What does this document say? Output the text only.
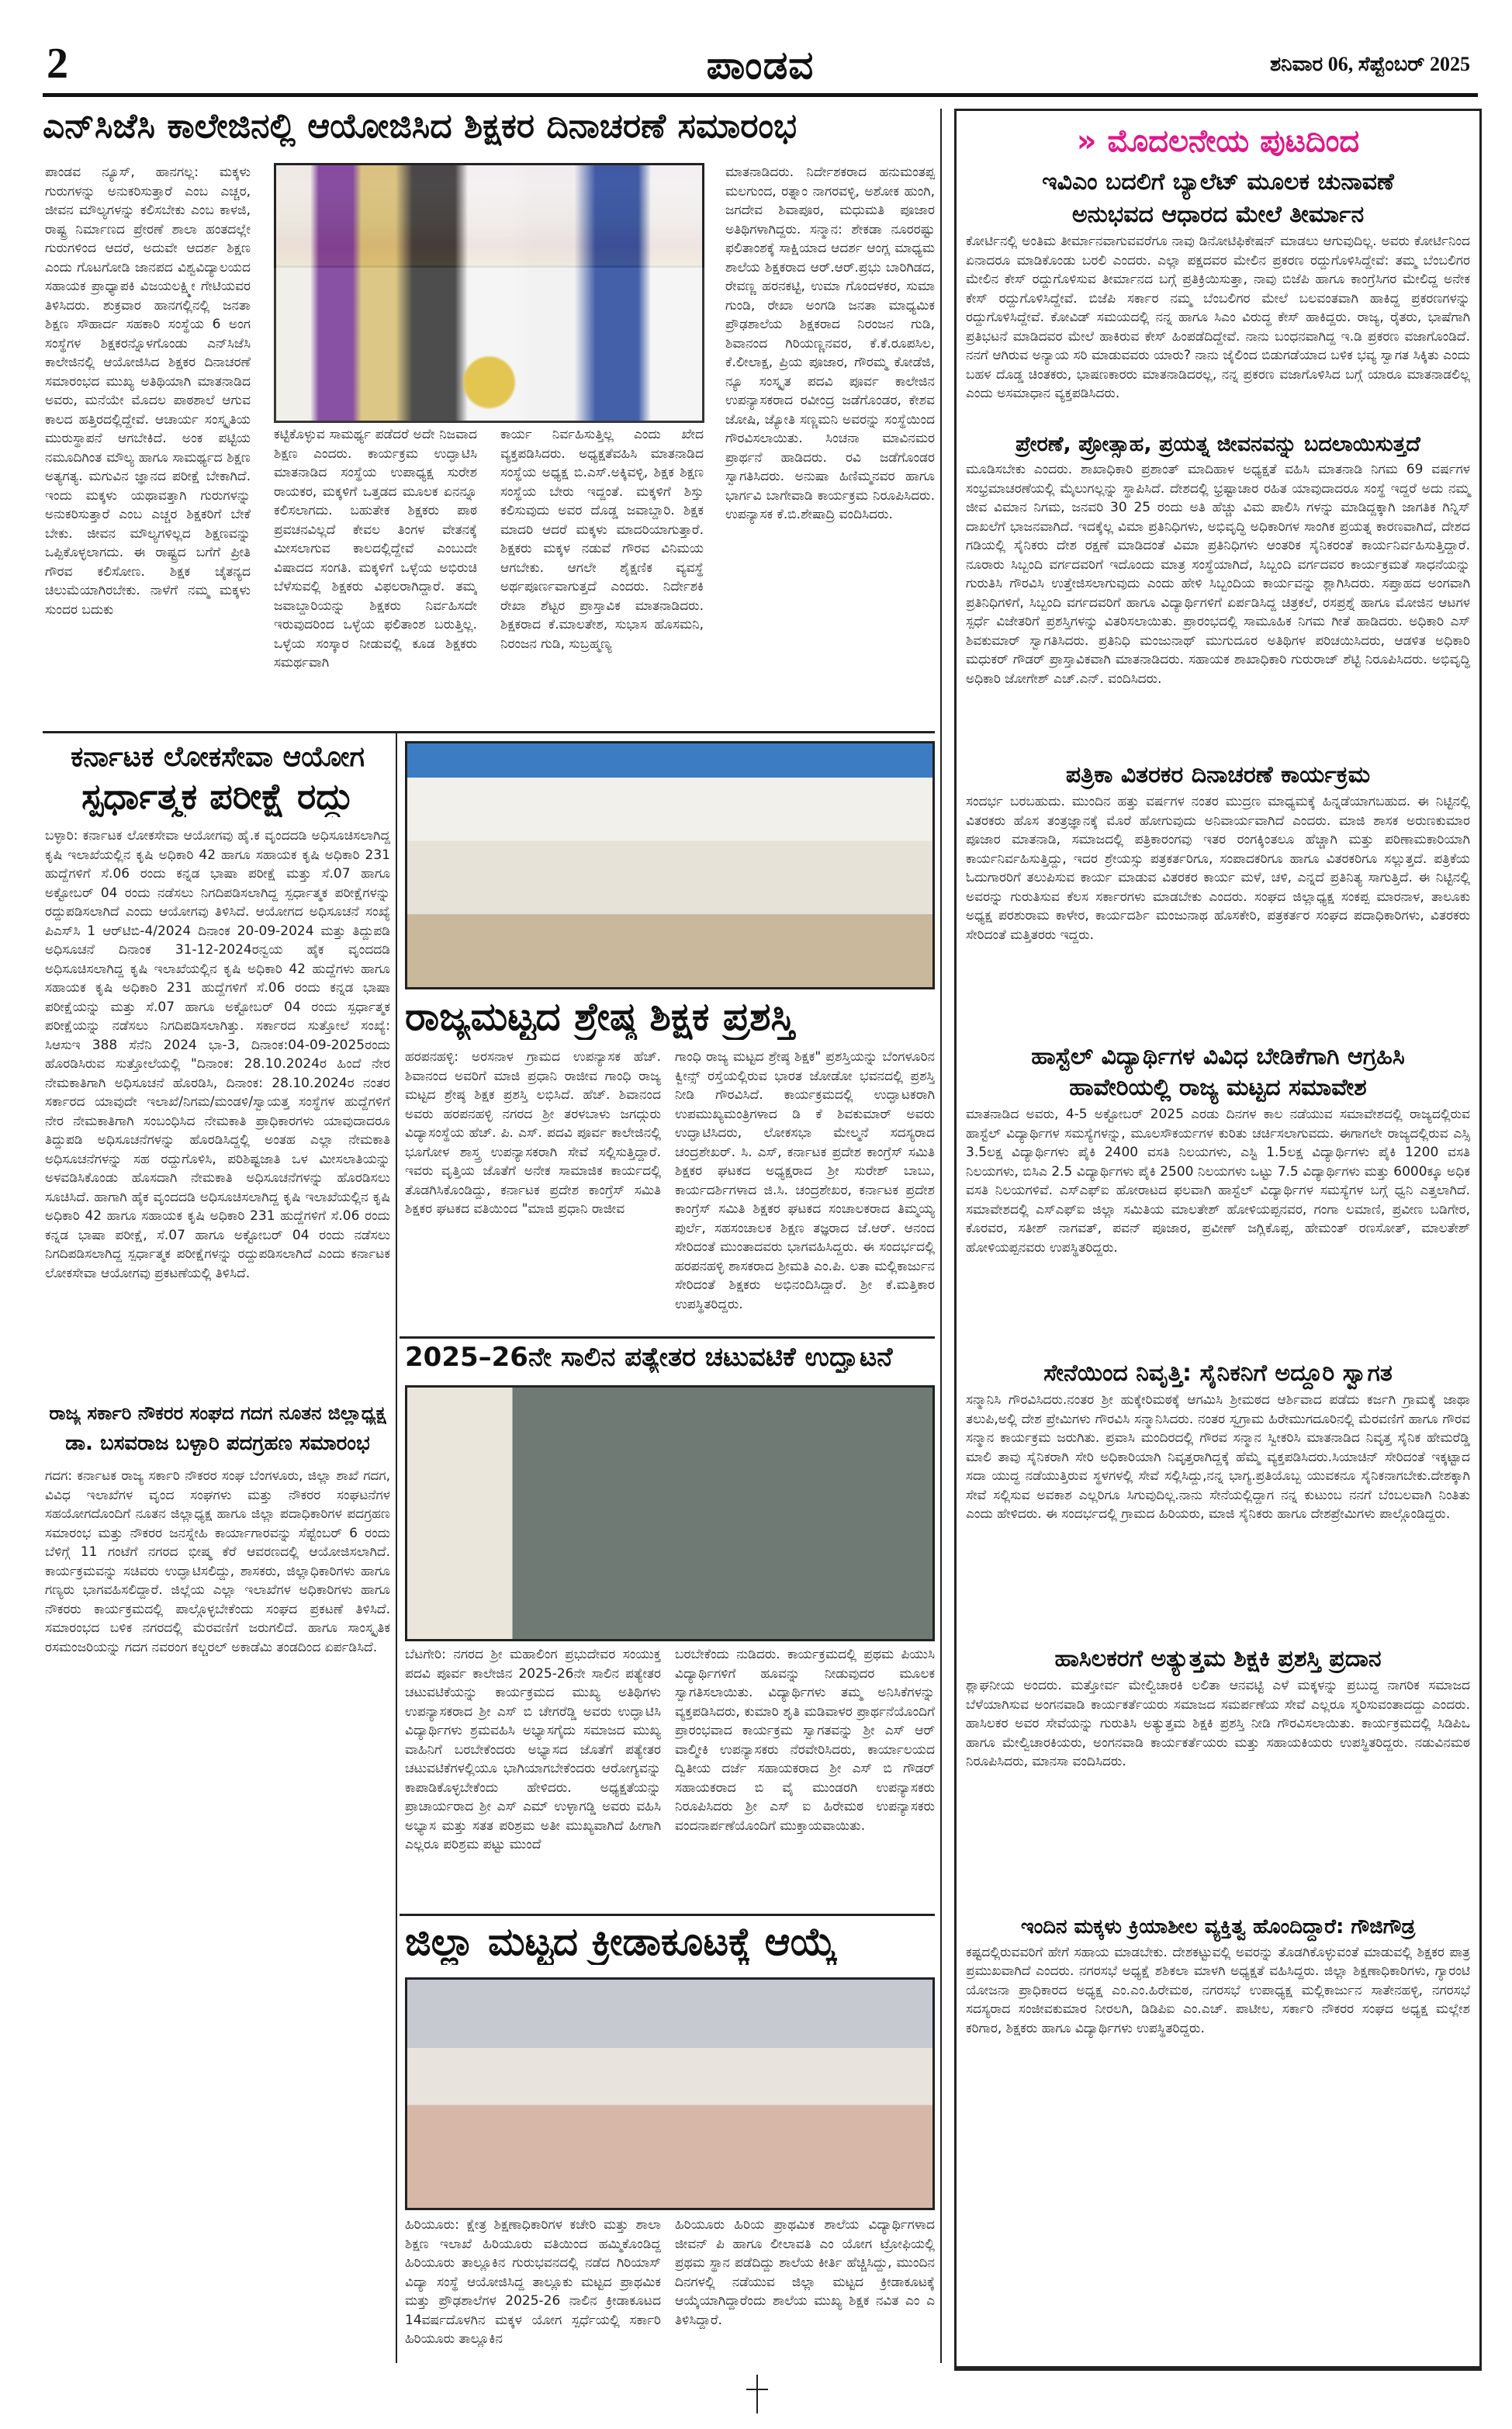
2	ಪಾಂಡವ	ಶನಿವಾರ 06, ಸೆಪ್ಟೆಂಬರ್ 2025
ಎನ್‌ಸಿಜೆಸಿ ಕಾಲೇಜಿನಲ್ಲಿ ಆಯೋಜಿಸಿದ ಶಿಕ್ಷಕರ ದಿನಾಚರಣೆ ಸಮಾರಂಭ
ಪಾಂಡವ ನ್ಯೂಸ್, ಹಾನಗಲ್ಲ: ಮಕ್ಕಳು ಗುರುಗಳನ್ನು ಅನುಕರಿಸುತ್ತಾರೆ ಎಂಬ ಎಚ್ಚರ, ಜೀವನ ಮೌಲ್ಯಗಳನ್ನು ಕಲಿಸಬೇಕು ಎಂಬ ಕಾಳಜಿ, ರಾಷ್ಟ್ರ ನಿರ್ಮಾಣದ ಪ್ರೇರಣೆ ಶಾಲಾ ಹಂತದಲ್ಲೇ ಗುರುಗಳಿಂದ ಆದರೆ, ಅದುವೇ ಆದರ್ಶ ಶಿಕ್ಷಣ ಎಂದು ಗೊಟಗೋಡಿ ಜಾನಪದ ವಿಶ್ವವಿದ್ಯಾಲಯದ ಸಹಾಯಕ ಪ್ರಾಧ್ಯಾಪಕಿ ವಿಜಯಲಕ್ಷ್ಮೀ ಗೇಟಿಯವರ ತಿಳಿಸಿದರು. ಶುಕ್ರವಾರ ಹಾನಗಲ್ಲಿನಲ್ಲಿ ಜನತಾ ಶಿಕ್ಷಣ ಸೌಹಾರ್ದ ಸಹಕಾರಿ ಸಂಸ್ಥೆಯ 6 ಅಂಗ ಸಂಸ್ಥೆಗಳ ಶಿಕ್ಷಕರನ್ನೊಳಗೊಂಡು ಎನ್‌ಸಿಜೆಸಿ ಕಾಲೇಜಿನಲ್ಲಿ ಆಯೋಜಿಸಿದ ಶಿಕ್ಷಕರ ದಿನಾಚರಣೆ ಸಮಾರಂಭದ ಮುಖ್ಯ ಅತಿಥಿಯಾಗಿ ಮಾತನಾಡಿದ ಅವರು, ಮನೆಯೇ ಮೊದಲ ಪಾಠಶಾಲೆ ಆಗುವ ಕಾಲದ ಹತ್ತಿರದಲ್ಲಿದ್ದೇವೆ. ಆಚಾರ್ಯ ಸಂಸ್ಕೃತಿಯ ಮುರುಸ್ಥಾಪನೆ ಆಗಬೇಕಿದೆ. ಅಂಕ ಪಟ್ಟಿಯ ನಮೂದಿಗಿಂತ ಮೌಲ್ಯ ಹಾಗೂ ಸಾಮರ್ಥ್ಯದ ಶಿಕ್ಷಣ ಅತ್ಯಗತ್ಯ. ಮಗುವಿನ ಜ್ಞಾನದ ಪರೀಕ್ಷೆ ಬೇಕಾಗಿದೆ. ಇಂದು ಮಕ್ಕಳು ಯಥಾವತ್ತಾಗಿ ಗುರುಗಳನ್ನು ಅನುಕರಿಸುತ್ತಾರೆ ಎಂಬ ಎಚ್ಚರ ಶಿಕ್ಷಕರಿಗೆ ಬೇಕೆ ಬೇಕು. ಜೀವನ ಮೌಲ್ಯಗಳಿಲ್ಲದ ಶಿಕ್ಷಣವನ್ನು ಒಪ್ಪಿಕೊಳ್ಳಲಾಗದು. ಈ ರಾಷ್ಟ್ರದ ಬಗೆಗೆ ಪ್ರೀತಿ ಗೌರವ ಕಲಿಸೋಣ. ಶಿಕ್ಷಕ ಚೈತನ್ಯದ ಚಿಲುಮೆಯಾಗಿರಬೇಕು. ನಾಳೆಗೆ ನಮ್ಮ ಮಕ್ಕಳು ಸುಂದರ ಬದುಕು
ಕಟ್ಟಿಕೊಳ್ಳುವ ಸಾಮರ್ಥ್ಯ ಪಡೆದರೆ ಅದೇ ನಿಜವಾದ ಶಿಕ್ಷಣ ಎಂದರು. ಕಾರ್ಯಕ್ರಮ ಉದ್ಘಾಟಿಸಿ ಮಾತನಾಡಿದ ಸಂಸ್ಥೆಯ ಉಪಾಧ್ಯಕ್ಷ ಸುರೇಶ ರಾಯಕರ, ಮಕ್ಕಳಿಗೆ ಒತ್ತಡದ ಮೂಲಕ ಏನನ್ನೂ ಕಲಿಸಲಾಗದು. ಬಹುತೇಕ ಶಿಕ್ಷಕರು ಪಾಠ ಪ್ರವಚನವಿಲ್ಲದೆ ಕೇವಲ ತಿಂಗಳ ವೇತನಕ್ಕೆ ಮೀಸಲಾಗುವ ಕಾಲದಲ್ಲಿದ್ದೇವೆ ಎಂಬುದೇ ವಿಷಾದದ ಸಂಗತಿ. ಮಕ್ಕಳಿಗೆ ಒಳ್ಳೆಯ ಅಭಿರುಚಿ ಬೆಳೆಸುವಲ್ಲಿ ಶಿಕ್ಷಕರು ವಿಫಲರಾಗಿದ್ದಾರೆ. ತಮ್ಮ ಜವಾಬ್ದಾರಿಯನ್ನು ಶಿಕ್ಷಕರು ನಿರ್ವಹಿಸದೇ ಇರುವುದರಿಂದ ಒಳ್ಳೆಯ ಫಲಿತಾಂಶ ಬರುತ್ತಿಲ್ಲ. ಒಳ್ಳೆಯ ಸಂಸ್ಕಾರ ನೀಡುವಲ್ಲಿ ಕೂಡ ಶಿಕ್ಷಕರು ಸಮರ್ಥವಾಗಿ
ಕಾರ್ಯ ನಿರ್ವಹಿಸುತ್ತಿಲ್ಲ ಎಂದು ಖೇದ ವ್ಯಕ್ತಪಡಿಸಿದರು. ಅಧ್ಯಕ್ಷತೆವಹಿಸಿ ಮಾತನಾಡಿದ ಸಂಸ್ಥೆಯ ಅಧ್ಯಕ್ಷ ಬಿ.ಎಸ್.ಅಕ್ಕಿವಳ್ಳಿ, ಶಿಕ್ಷಕ ಶಿಕ್ಷಣ ಸಂಸ್ಥೆಯ ಬೇರು ಇದ್ದಂತೆ. ಮಕ್ಕಳಿಗೆ ಶಿಸ್ತು ಕಲಿಸುವುದು ಅವರ ದೊಡ್ಡ ಜವಾಬ್ದಾರಿ. ಶಿಕ್ಷಕ ಮಾದರಿ ಆದರೆ ಮಕ್ಕಳು ಮಾದರಿಯಾಗುತ್ತಾರೆ. ಶಿಕ್ಷಕರು ಮಕ್ಕಳ ನಡುವೆ ಗೌರವ ವಿನಿಮಯ ಆಗಬೇಕು. ಆಗಲೇ ಶೈಕ್ಷಣಿಕ ವ್ಯವಸ್ಥೆ ಅರ್ಥಪೂರ್ಣವಾಗುತ್ತದೆ ಎಂದರು. ನಿರ್ದೇಶಕಿ ರೇಖಾ ಶೆಟ್ಟರ ಪ್ರಾಸ್ತಾವಿಕ ಮಾತನಾಡಿದರು. ಶಿಕ್ಷಕರಾದ ಕೆ.ಮಾಲತೇಶ, ಸುಭಾಸ ಹೊಸಮನಿ, ನಿರಂಜನ ಗುಡಿ, ಸುಬ್ರಹ್ಮಣ್ಯ
ಮಾತನಾಡಿದರು. ನಿರ್ದೇಶಕರಾದ ಹನುಮಂತಪ್ಪ ಮಲಗುಂದ, ರತ್ನಾಂ ನಾಗರವಳ್ಳಿ, ಅಶೋಕ ಹುಂಗಿ, ಜಗದೇವ ಶಿವಾಪೂರ, ಮಧುಮತಿ ಪೂಜಾರ ಅತಿಥಿಗಳಾಗಿದ್ದರು. ಸನ್ಮಾನ: ಶೇಕಡಾ ನೂರರಷ್ಟು ಫಲಿತಾಂಶಕ್ಕೆ ಸಾಕ್ಷಿಯಾದ ಆದರ್ಶ ಆಂಗ್ಲ ಮಾಧ್ಯಮ ಶಾಲೆಯ ಶಿಕ್ಷಕರಾದ ಆರ್.ಆರ್.ಪ್ರಭು ಬಾರಿಗಿಡದ, ರೇವಣ್ಣ ಹರನಕಟ್ಟಿ, ಉಮಾ ಗೊಂದಳಕರ, ಸುಮಾ ಗುಂಡಿ, ರೇಖಾ ಅಂಗಡಿ ಜನತಾ ಮಾಧ್ಯಮಿಕ ಪ್ರೌಢಶಾಲೆಯ ಶಿಕ್ಷಕರಾದ ನಿರಂಜನ ಗುಡಿ, ಶಿವಾನಂದ ಗಿರಿಯಣ್ಣನವರ, ಕೆ.ಕೆ.ರೂಪಸಿಲ, ಕೆ.ಲೀಲಾಕ್ಷ, ಪ್ರಿಯ ಪೂಜಾರ, ಗೌರಮ್ಮ ಕೋಡೆಜಿ, ನ್ಯೂ ಸಂಸ್ಕೃತ ಪದವಿ ಪೂರ್ವ ಕಾಲೇಜಿನ ಉಪನ್ಯಾಸಕರಾದ ರವೀಂದ್ರ ಜಡೆಗೊಂಡರ, ಕೇಶವ ಜೋಷಿ, ಜ್ಯೋತಿ ಸಣ್ಣಮನಿ ಅವರನ್ನು ಸಂಸ್ಥೆಯಿಂದ ಗೌರವಿಸಲಾಯಿತು. ಸಿಂಚನಾ ಮಾವಿನಮರ ಪ್ರಾರ್ಥನೆ ಹಾಡಿದರು. ರವಿ ಜಡೆಗೊಂಡರ ಸ್ವಾಗತಿಸಿದರು. ಅನುಷಾ ಹಿಣಿಮ್ಮನವರ ಹಾಗೂ ಭಾರ್ಗವಿ ಬಾಗೇವಾಡಿ ಕಾರ್ಯಕ್ರಮ ನಿರೂಪಿಸಿದರು. ಉಪನ್ಯಾಸಕ ಕೆ.ಬಿ.ಶೇಷಾದ್ರಿ ವಂದಿಸಿದರು.
ಕರ್ನಾಟಕ ಲೋಕಸೇವಾ ಆಯೋಗ
ಸ್ಪರ್ಧಾತ್ಮಕ ಪರೀಕ್ಷೆ ರದ್ದು
ಬಳ್ಳಾರಿ: ಕರ್ನಾಟಕ ಲೋಕಸೇವಾ ಆಯೋಗವು ಹೈ.ಕ ವೃಂದದಡಿ ಅಧಿಸೂಚಿಸಲಾಗಿದ್ದ ಕೃಷಿ ಇಲಾಖೆಯಲ್ಲಿನ ಕೃಷಿ ಅಧಿಕಾರಿ 42 ಹಾಗೂ ಸಹಾಯಕ ಕೃಷಿ ಅಧಿಕಾರಿ 231 ಹುದ್ದೆಗಳಿಗೆ ಸೆ.06 ರಂದು ಕನ್ನಡ ಭಾಷಾ ಪರೀಕ್ಷೆ ಮತ್ತು ಸೆ.07 ಹಾಗೂ ಅಕ್ಟೋಬರ್ 04 ರಂದು ನಡೆಸಲು ನಿಗದಿಪಡಿಸಲಾಗಿದ್ದ ಸ್ಪರ್ಧಾತ್ಮಕ ಪರೀಕ್ಷೆಗಳನ್ನು ರದ್ದುಪಡಿಸಲಾಗಿದೆ ಎಂದು ಆಯೋಗವು ತಿಳಿಸಿದೆ. ಆಯೋಗದ ಅಧಿಸೂಚನೆ ಸಂಖ್ಯೆ ಪಿಎಸ್‌ಸಿ 1 ಆರ್‌ಟಿಬಿ-4/2024 ದಿನಾಂಕ 20-09-2024 ಮತ್ತು ತಿದ್ದುಪಡಿ ಅಧಿಸೂಚನೆ ದಿನಾಂಕ 31-12-2024ರನ್ವಯ ಹೈಕ ವೃಂದದಡಿ ಅಧಿಸೂಚಿಸಲಾಗಿದ್ದ ಕೃಷಿ ಇಲಾಖೆಯಲ್ಲಿನ ಕೃಷಿ ಅಧಿಕಾರಿ 42 ಹುದ್ದೆಗಳು ಹಾಗೂ ಸಹಾಯಕ ಕೃಷಿ ಅಧಿಕಾರಿ 231 ಹುದ್ದೆಗಳಿಗೆ ಸೆ.06 ರಂದು ಕನ್ನಡ ಭಾಷಾ ಪರೀಕ್ಷೆಯನ್ನು ಮತ್ತು ಸೆ.07 ಹಾಗೂ ಅಕ್ಟೋಬರ್ 04 ರಂದು ಸ್ಪರ್ಧಾತ್ಮಕ ಪರೀಕ್ಷೆಯನ್ನು ನಡೆಸಲು ನಿಗದಿಪಡಿಸಲಾಗಿತ್ತು. ಸರ್ಕಾರದ ಸುತ್ತೋಲೆ ಸಂಖ್ಯೆ: ಸಿಆಸುಇ 388 ಸೆನೆನಿ 2024 ಭಾ-3, ದಿನಾಂಕ:04-09-2025ರಂದು ಹೊರಡಿಸಿರುವ ಸುತ್ತೋಲೆಯಲ್ಲಿ "ದಿನಾಂಕ: 28.10.2024ರ ಹಿಂದೆ ನೇರ ನೇಮಕಾತಿಗಾಗಿ ಅಧಿಸೂಚನೆ ಹೊರಡಿಸಿ, ದಿನಾಂಕ: 28.10.2024ರ ನಂತರ ಸರ್ಕಾರದ ಯಾವುದೇ ಇಲಾಖೆ/ನಿಗಮ/ಮಂಡಳಿ/ಸ್ವಾಯತ್ತ ಸಂಸ್ಥೆಗಳ ಹುದ್ದೆಗಳಿಗೆ ನೇರ ನೇಮಕಾತಿಗಾಗಿ ಸಂಬಂಧಿಸಿದ ನೇಮಕಾತಿ ಪ್ರಾಧಿಕಾರಗಳು ಯಾವುದಾದರೂ ತಿದ್ದುಪಡಿ ಅಧಿಸೂಚನೆಗಳನ್ನು ಹೊರಡಿಸಿದ್ದಲ್ಲಿ ಅಂತಹ ಎಲ್ಲಾ ನೇಮಕಾತಿ ಅಧಿಸೂಚನೆಗಳನ್ನು ಸಹ ರದ್ದುಗೊಳಿಸಿ, ಪರಿಶಿಷ್ಟಜಾತಿ ಒಳ ಮೀಸಲಾತಿಯನ್ನು ಅಳವಡಿಸಿಕೊಂಡು ಹೊಸದಾಗಿ ನೇಮಕಾತಿ ಅಧಿಸೂಚನೆಗಳನ್ನು ಹೊರಡಿಸಲು ಸೂಚಿಸಿದೆ. ಹಾಗಾಗಿ ಹೈಕ ವೃಂದದಡಿ ಅಧಿಸೂಚಿಸಲಾಗಿದ್ದ ಕೃಷಿ ಇಲಾಖೆಯಲ್ಲಿನ ಕೃಷಿ ಅಧಿಕಾರಿ 42 ಹಾಗೂ ಸಹಾಯಕ ಕೃಷಿ ಅಧಿಕಾರಿ 231 ಹುದ್ದೆಗಳಿಗೆ ಸೆ.06 ರಂದು ಕನ್ನಡ ಭಾಷಾ ಪರೀಕ್ಷೆ, ಸೆ.07 ಹಾಗೂ ಅಕ್ಟೋಬರ್ 04 ರಂದು ನಡೆಸಲು ನಿಗದಿಪಡಿಸಲಾಗಿದ್ದ ಸ್ಪರ್ಧಾತ್ಮಕ ಪರೀಕ್ಷೆಗಳನ್ನು ರದ್ದುಪಡಿಸಲಾಗಿದೆ ಎಂದು ಕರ್ನಾಟಕ ಲೋಕಸೇವಾ ಆಯೋಗವು ಪ್ರಕಟಣೆಯಲ್ಲಿ ತಿಳಿಸಿದೆ.
ರಾಜ್ಯ ಸರ್ಕಾರಿ ನೌಕರರ ಸಂಘದ ಗದಗ ನೂತನ ಜಿಲ್ಲಾಧ್ಯಕ್ಷ
ಡಾ. ಬಸವರಾಜ ಬಳ್ಳಾರಿ ಪದಗ್ರಹಣ ಸಮಾರಂಭ
ಗದಗ: ಕರ್ನಾಟಕ ರಾಜ್ಯ ಸರ್ಕಾರಿ ನೌಕರರ ಸಂಘ ಬೆಂಗಳೂರು, ಜಿಲ್ಲಾ ಶಾಖೆ ಗದಗ, ವಿವಿಧ ಇಲಾಖೆಗಳ ವೃಂದ ಸಂಘಗಳು ಮತ್ತು ನೌಕರರ ಸಂಘಟನೆಗಳ ಸಹಯೋಗದೊಂದಿಗೆ ನೂತನ ಜಿಲ್ಲಾಧ್ಯಕ್ಷ ಹಾಗೂ ಜಿಲ್ಲಾ ಪದಾಧಿಕಾರಿಗಳ ಪದಗ್ರಹಣ ಸಮಾರಂಭ ಮತ್ತು ನೌಕರರ ಜನಸ್ನೇಹಿ ಕಾರ್ಯಾಗಾರವನ್ನು ಸೆಪ್ಟೆಂಬರ್ 6 ರಂದು ಬೆಳಿಗ್ಗೆ 11 ಗಂಟೆಗೆ ನಗರದ ಭೀಷ್ಮ ಕೆರೆ ಆವರಣದಲ್ಲಿ ಆಯೋಜಿಸಲಾಗಿದೆ. ಕಾರ್ಯಕ್ರಮವನ್ನು ಸಚಿವರು ಉದ್ಘಾಟಿಸಲಿದ್ದು, ಶಾಸಕರು, ಜಿಲ್ಲಾಧಿಕಾರಿಗಳು ಹಾಗೂ ಗಣ್ಯರು ಭಾಗವಹಿಸಲಿದ್ದಾರೆ. ಜಿಲ್ಲೆಯ ಎಲ್ಲಾ ಇಲಾಖೆಗಳ ಅಧಿಕಾರಿಗಳು ಹಾಗೂ ನೌಕರರು ಕಾರ್ಯಕ್ರಮದಲ್ಲಿ ಪಾಲ್ಗೊಳ್ಳಬೇಕೆಂದು ಸಂಘದ ಪ್ರಕಟಣೆ ತಿಳಿಸಿದೆ. ಸಮಾರಂಭದ ಬಳಿಕ ನಗರದಲ್ಲಿ ಮೆರವಣಿಗೆ ಜರುಗಲಿದೆ. ಹಾಗೂ ಸಾಂಸ್ಕೃತಿಕ ರಸಮಂಜರಿಯನ್ನು ಗದಗ ನವರಂಗ ಕಲ್ಚರಲ್ ಅಕಾಡೆಮಿ ತಂಡದಿಂದ ಏರ್ಪಡಿಸಿದೆ.
ರಾಜ್ಯಮಟ್ಟದ ಶ್ರೇಷ್ಠ ಶಿಕ್ಷಕ ಪ್ರಶಸ್ತಿ
ಹರಪನಹಳ್ಳಿ: ಅರಸನಾಳ ಗ್ರಾಮದ ಉಪನ್ಯಾಸಕ ಹೆಚ್. ಶಿವಾನಂದ ಅವರಿಗೆ ಮಾಜಿ ಪ್ರಧಾನಿ ರಾಜೀವ ಗಾಂಧಿ ರಾಜ್ಯ ಮಟ್ಟದ ಶ್ರೇಷ್ಠ ಶಿಕ್ಷಕ ಪ್ರಶಸ್ತಿ ಲಭಿಸಿದೆ. ಹೆಚ್. ಶಿವಾನಂದ ಅವರು ಹರಪನಹಳ್ಳಿ ನಗರದ ಶ್ರೀ ತರಳಬಾಳು ಜಗದ್ಗುರು ವಿದ್ಯಾಸಂಸ್ಥೆಯ ಹೆಚ್. ಪಿ. ಎಸ್. ಪದವಿ ಪೂರ್ವ ಕಾಲೇಜಿನಲ್ಲಿ ಭೂಗೋಳ ಶಾಸ್ತ್ರ ಉಪನ್ಯಾಸಕರಾಗಿ ಸೇವೆ ಸಲ್ಲಿಸುತ್ತಿದ್ದಾರೆ. ಇವರು ವೃತ್ತಿಯ ಜೊತೆಗೆ ಅನೇಕ ಸಾಮಾಜಿಕ ಕಾರ್ಯದಲ್ಲಿ ತೊಡಗಿಸಿಕೊಂಡಿದ್ದು, ಕರ್ನಾಟಕ ಪ್ರದೇಶ ಕಾಂಗ್ರೆಸ್ ಸಮಿತಿ ಶಿಕ್ಷಕರ ಘಟಕದ ವತಿಯಿಂದ "ಮಾಜಿ ಪ್ರಧಾನಿ ರಾಜೀವ
ಗಾಂಧಿ ರಾಜ್ಯ ಮಟ್ಟದ ಶ್ರೇಷ್ಠ ಶಿಕ್ಷಕ" ಪ್ರಶಸ್ತಿಯನ್ನು ಬೆಂಗಳೂರಿನ ಕ್ವೀನ್ಸ್ ರಸ್ತೆಯಲ್ಲಿರುವ ಭಾರತ ಜೋಡೋ ಭವನದಲ್ಲಿ ಪ್ರಶಸ್ತಿ ನೀಡಿ ಗೌರವಿಸಿದೆ. ಕಾರ್ಯಕ್ರಮದಲ್ಲಿ ಉದ್ಘಾಟಕರಾಗಿ ಉಪಮುಖ್ಯಮಂತ್ರಿಗಳಾದ ಡಿ ಕೆ ಶಿವಕುಮಾರ್ ಅವರು ಉದ್ಘಾಟಿಸಿದರು, ಲೋಕಸಭಾ ಮೇಲ್ಮನೆ ಸದಸ್ಯರಾದ ಚಂದ್ರಶೇಖರ್. ಸಿ. ಎಸ್, ಕರ್ನಾಟಕ ಪ್ರದೇಶ ಕಾಂಗ್ರೆಸ್ ಸಮಿತಿ ಶಿಕ್ಷಕರ ಘಟಕದ ಅಧ್ಯಕ್ಷರಾದ ಶ್ರೀ ಸುರೇಶ್ ಬಾಬು, ಕಾರ್ಯದರ್ಶಿಗಳಾದ ಜಿ.ಸಿ. ಚಂದ್ರಶೇಖರ, ಕರ್ನಾಟಕ ಪ್ರದೇಶ ಕಾಂಗ್ರೆಸ್ ಸಮಿತಿ ಶಿಕ್ಷಕರ ಘಟಕದ ಸಂಚಾಲಕರಾದ ತಿಮ್ಮಯ್ಯ ಪುರ್ಲೆ, ಸಹಸಂಚಾಲಕ ಶಿಕ್ಷಣ ತಜ್ಞರಾದ ಜೆ.ಆರ್. ಆನಂದ ಸೇರಿದಂತೆ ಮುಂತಾದವರು ಭಾಗವಹಿಸಿದ್ದರು. ಈ ಸಂದರ್ಭದಲ್ಲಿ ಹರಪನಹಳ್ಳಿ ಶಾಸಕರಾದ ಶ್ರೀಮತಿ ಎಂ.ಪಿ. ಲತಾ ಮಲ್ಲಿಕಾರ್ಜುನ ಸೇರಿದಂತೆ ಶಿಕ್ಷಕರು ಅಭಿನಂದಿಸಿದ್ದಾರೆ. ಶ್ರೀ ಕೆ.ಮತ್ತಿಕಾರ ಉಪಸ್ಥಿತರಿದ್ದರು.
2025–26ನೇ ಸಾಲಿನ ಪತ್ಯೇತರ ಚಟುವಟಿಕೆ ಉದ್ಘಾಟನೆ
ಬೆಟಗೇರಿ: ನಗರದ ಶ್ರೀ ಮಹಾಲಿಂಗ ಪ್ರಭುದೇವರ ಸಂಯುಕ್ತ ಪದವಿ ಪೂರ್ವ ಕಾಲೇಜಿನ 2025-26ನೇ ಸಾಲಿನ ಪತ್ಯೇತರ ಚಟುವಟಿಕೆಯನ್ನು ಕಾರ್ಯಕ್ರಮದ ಮುಖ್ಯ ಅತಿಥಿಗಳು ಉಪನ್ಯಾಸಕರಾದ ಶ್ರೀ ಎಸ್ ಬಿ ಚೇಗರೆಡ್ಡಿ ಅವರು ಉದ್ಘಾಟಿಸಿ ವಿದ್ಯಾರ್ಥಿಗಳು ಶ್ರಮವಹಿಸಿ ಅಭ್ಯಾಸಗೈದು ಸಮಾಜದ ಮುಖ್ಯ ವಾಹಿನಿಗೆ ಬರಬೇಕೆಂದರು ಅಭ್ಯಾಸದ ಜೊತೆಗೆ ಪತ್ಯೇತರ ಚಟುವಟಿಕೆಗಳಲ್ಲಿಯೂ ಭಾಗಿಯಾಗಬೇಕೆಂದರು ಆರೋಗ್ಯವನ್ನು ಕಾಪಾಡಿಕೊಳ್ಳಬೇಕೆಂದು ಹೇಳಿದರು. ಅಧ್ಯಕ್ಷತೆಯನ್ನು ಪ್ರಾಚಾರ್ಯರಾದ ಶ್ರೀ ಎಸ್ ಎಮ್ ಉಳ್ಳಾಗಡ್ಡಿ ಅವರು ವಹಿಸಿ ಅಭ್ಯಾಸ ಮತ್ತು ಸತತ ಪರಿಶ್ರಮ ಅತೀ ಮುಖ್ಯವಾಗಿದೆ ಹೀಗಾಗಿ ಎಲ್ಲರೂ ಪರಿಶ್ರಮ ಪಟ್ಟು ಮುಂದೆ
ಬರಬೇಕೆಂದು ನುಡಿದರು. ಕಾರ್ಯಕ್ರಮದಲ್ಲಿ ಪ್ರಥಮ ಪಿಯುಸಿ ವಿದ್ಯಾರ್ಥಿಗಳಿಗೆ ಹೂವನ್ನು ನೀಡುವುದರ ಮೂಲಕ ಸ್ವಾಗತಿಸಲಾಯಿತು. ವಿದ್ಯಾರ್ಥಿಗಳು ತಮ್ಮ ಅನಿಸಿಕೆಗಳನ್ನು ವ್ಯಕ್ತಪಡಿಸಿದರು, ಕುಮಾರಿ ಶೃತಿ ಮಡಿವಾಳರ ಪ್ರಾರ್ಥನೆಯೊಂದಿಗೆ ಪ್ರಾರಂಭವಾದ ಕಾರ್ಯಕ್ರಮ ಸ್ವಾಗತವನ್ನು ಶ್ರೀ ಎಸ್ ಆರ್ ವಾಲ್ಮೀಕಿ ಉಪನ್ಯಾಸಕರು ನೆರವೇರಿಸಿದರು, ಕಾರ್ಯಾಲಯದ ದ್ವಿತೀಯ ದರ್ಜೆ ಸಹಾಯಕರಾದ ಶ್ರೀ ಎಸ್ ಬಿ ಗೌಡರ್ ಸಹಾಯಕರಾದ ಬಿ ವೈ ಮುಂಡರಗಿ ಉಪನ್ಯಾಸಕರು ನಿರೂಪಿಸಿದರು ಶ್ರೀ ಎಸ್ ಐ ಹಿರೇಮಠ ಉಪನ್ಯಾಸಕರು ವಂದನಾರ್ಪಣೆಯೊಂದಿಗೆ ಮುಕ್ತಾಯವಾಯಿತು.
ಜಿಲ್ಲಾ ಮಟ್ಟದ ಕ್ರೀಡಾಕೂಟಕ್ಕೆ ಆಯ್ಕೆ
ಹಿರಿಯೂರು: ಕ್ಷೇತ್ರ ಶಿಕ್ಷಣಾಧಿಕಾರಿಗಳ ಕಚೇರಿ ಮತ್ತು ಶಾಲಾ ಶಿಕ್ಷಣ ಇಲಾಖೆ ಹಿರಿಯೂರು ವತಿಯಿಂದ ಹಮ್ಮಿಕೊಂಡಿದ್ದ ಹಿರಿಯೂರು ತಾಲ್ಲೂಕಿನ ಗುರುಭವನದಲ್ಲಿ ನಡೆದ ಗಿರಿಯಾಸ್ ವಿದ್ಯಾ ಸಂಸ್ಥೆ ಆಯೋಜಿಸಿದ್ದ ತಾಲ್ಲೂಕು ಮಟ್ಟದ ಪ್ರಾಥಮಿಕ ಮತ್ತು ಪ್ರೌಢಶಾಲೆಗಳ 2025-26 ನಾಲಿನ ಕ್ರೀಡಾಕೂಟದ 14ವರ್ಷದೊಳಗಿನ ಮಕ್ಕಳ ಯೋಗ ಸ್ಪರ್ಧೆಯಲ್ಲಿ ಸರ್ಕಾರಿ ಹಿರಿಯೂರು ತಾಲ್ಲೂಕಿನ
ಹಿರಿಯೂರು ಹಿರಿಯ ಪ್ರಾಥಮಿಕ ಶಾಲೆಯ ವಿದ್ಯಾರ್ಥಿಗಳಾದ ಜೀವನ್ ಪಿ ಹಾಗೂ ಲೀಲಾವತಿ ಎಂ ಯೋಗ ಟ್ರೋಫಿಯಲ್ಲಿ ಪ್ರಥಮ ಸ್ಥಾನ ಪಡೆದಿದ್ದು ಶಾಲೆಯ ಕೀರ್ತಿ ಹೆಚ್ಚಿಸಿದ್ದು, ಮುಂದಿನ ದಿನಗಳಲ್ಲಿ ನಡೆಯುವ ಜಿಲ್ಲಾ ಮಟ್ಟದ ಕ್ರೀಡಾಕೂಟಕ್ಕೆ ಆಯ್ಕೆಯಾಗಿದ್ದಾರೆಂದು ಶಾಲೆಯ ಮುಖ್ಯ ಶಿಕ್ಷಕ ನವಿತ ಎಂ ಎ ತಿಳಿಸಿದ್ದಾರೆ.
» ಮೊದಲನೇಯ ಪುಟದಿಂದ
ಇವಿಎಂ ಬದಲಿಗೆ ಬ್ಯಾಲೆಟ್ ಮೂಲಕ ಚುನಾವಣೆ
ಅನುಭವದ ಆಧಾರದ ಮೇಲೆ ತೀರ್ಮಾನ
ಕೋರ್ಟಿನಲ್ಲಿ ಅಂತಿಮ ತೀರ್ಮಾನವಾಗುವವರೆಗೂ ನಾವು ಡಿನೋಟಿಫಿಕೇಷನ್ ಮಾಡಲು ಆಗುವುದಿಲ್ಲ. ಅವರು ಕೋರ್ಟಿನಿಂದ ಏನಾದರೂ ಮಾಡಿಕೊಂಡು ಬರಲಿ ಎಂದರು. ಎಲ್ಲಾ ಪಕ್ಷದವರ ಮೇಲಿನ ಪ್ರಕರಣ ರದ್ದುಗೊಳಿಸಿದ್ದೇವೆ: ತಮ್ಮ ಬೆಂಬಲಿಗರ ಮೇಲಿನ ಕೇಸ್ ರದ್ದುಗೊಳಿಸುವ ತೀರ್ಮಾನದ ಬಗ್ಗೆ ಪ್ರತಿಕ್ರಿಯಿಸುತ್ತಾ, ನಾವು ಬಿಜೆಪಿ ಹಾಗೂ ಕಾಂಗ್ರೆಸಿಗರ ಮೇಲಿದ್ದ ಅನೇಕ ಕೇಸ್ ರದ್ದುಗೊಳಿಸಿದ್ದೇವೆ. ಬಿಜೆಪಿ ಸರ್ಕಾರ ನಮ್ಮ ಬೆಂಬಲಿಗರ ಮೇಲೆ ಬಲವಂತವಾಗಿ ಹಾಕಿದ್ದ ಪ್ರಕರಣಗಳನ್ನು ರದ್ದುಗೊಳಿಸಿದ್ದೇವೆ. ಕೋವಿಡ್ ಸಮಯದಲ್ಲಿ ನನ್ನ ಹಾಗೂ ಸಿಎಂ ವಿರುದ್ಧ ಕೇಸ್ ಹಾಕಿದ್ದರು. ರಾಜ್ಯ, ರೈತರು, ಭಾಷೆಗಾಗಿ ಪ್ರತಿಭಟನೆ ಮಾಡಿದವರ ಮೇಲೆ ಹಾಕಿರುವ ಕೇಸ್ ಹಿಂಪಡೆದಿದ್ದೇವೆ. ನಾನು ಬಂಧನವಾಗಿದ್ದ ಇ.ಡಿ ಪ್ರಕರಣ ವಜಾಗೊಂಡಿದೆ. ನನಗೆ ಆಗಿರುವ ಅನ್ಯಾಯ ಸರಿ ಮಾಡುವವರು ಯಾರು? ನಾನು ಜೈಲಿಂದ ಬಿಡುಗಡೆಯಾದ ಬಳಿಕ ಭವ್ಯ ಸ್ವಾಗತ ಸಿಕ್ಕಿತು ಎಂದು ಬಹಳ ದೊಡ್ಡ ಚಿಂತಕರು, ಭಾಷಣಕಾರರು ಮಾತನಾಡಿದರಲ್ಲ, ನನ್ನ ಪ್ರಕರಣ ವಜಾಗೊಳಿಸಿದ ಬಗ್ಗೆ ಯಾರೂ ಮಾತನಾಡಲಿಲ್ಲ ಎಂದು ಅಸಮಾಧಾನ ವ್ಯಕ್ತಪಡಿಸಿದರು.
ಪ್ರೇರಣೆ, ಪ್ರೋತ್ಸಾಹ, ಪ್ರಯತ್ನ ಜೀವನವನ್ನು ಬದಲಾಯಿಸುತ್ತದೆ
ಮೂಡಿಸಬೇಕು ಎಂದರು. ಶಾಖಾಧಿಕಾರಿ ಪ್ರಶಾಂತ್ ಮಾದಿಹಾಳ ಅಧ್ಯಕ್ಷತೆ ವಹಿಸಿ ಮಾತನಾಡಿ ನಿಗಮ 69 ವರ್ಷಗಳ ಸಂಭ್ರಮಾಚರಣೆಯಲ್ಲಿ ಮೈಲುಗಲ್ಲನ್ನು ಸ್ಥಾಪಿಸಿದೆ. ದೇಶದಲ್ಲಿ ಭ್ರಷ್ಟಾಚಾರ ರಹಿತ ಯಾವುದಾದರೂ ಸಂಸ್ಥೆ ಇದ್ದರೆ ಅದು ನಮ್ಮ ಜೀವ ವಿಮಾನ ನಿಗಮ, ಜನವರಿ 30 25 ರಂದು ಅತಿ ಹೆಚ್ಚು ವಿಮ ಪಾಲಿಸಿ ಗಳನ್ನು ಮಾಡಿದ್ದಕ್ಕಾಗಿ ಜಾಗತಿಕ ಗಿನ್ನಿಸ್ ದಾಖಲೆಗೆ ಭಾಜನವಾಗಿದೆ. ಇದಕ್ಕೆಲ್ಲ ವಿಮಾ ಪ್ರತಿನಿಧಿಗಳು, ಅಭಿವೃದ್ಧಿ ಅಧಿಕಾರಿಗಳ ಸಾಂಗಿಕ ಪ್ರಯತ್ನ ಕಾರಣವಾಗಿದೆ, ದೇಶದ ಗಡಿಯಲ್ಲಿ ಸೈನಿಕರು ದೇಶ ರಕ್ಷಣೆ ಮಾಡಿದಂತೆ ವಿಮಾ ಪ್ರತಿನಿಧಿಗಳು ಆಂತರಿಕ ಸೈನಿಕರಂತೆ ಕಾರ್ಯನಿರ್ವಹಿಸುತ್ತಿದ್ದಾರೆ. ನೂರಾರು ಸಿಬ್ಬಂದಿ ವರ್ಗದವರಿಗೆ ಇದೊಂದು ಮಾತ್ರ ಸಂಸ್ಥೆಯಾಗಿದೆ, ಸಿಬ್ಬಂದಿ ವರ್ಗದವರ ಕಾರ್ಯಕ್ರಮತೆ ಸಾಧನೆಯನ್ನು ಗುರುತಿಸಿ ಗೌರವಿಸಿ ಉತ್ತೇಜಿಸಲಾಗುವುದು ಎಂದು ಹೇಳಿ ಸಿಬ್ಬಂದಿಯ ಕಾರ್ಯವನ್ನು ಶ್ಲಾಗಿಸಿದರು. ಸಪ್ತಾಹದ ಅಂಗವಾಗಿ ಪ್ರತಿನಿಧಿಗಳಿಗೆ, ಸಿಬ್ಬಂದಿ ವರ್ಗದವರಿಗೆ ಹಾಗೂ ವಿದ್ಯಾರ್ಥಿಗಳಿಗೆ ಏರ್ಪಡಿಸಿದ್ದ ಚಿತ್ರಕಲೆ, ರಸಪ್ರಶ್ನೆ ಹಾಗೂ ಮೋಜಿನ ಆಟಗಳ ಸ್ಪರ್ಧೆ ವಿಜೇತರಿಗೆ ಪ್ರಶಸ್ತಿಗಳನ್ನು ವಿತರಿಸಲಾಯಿತು. ಪ್ರಾರಂಭದಲ್ಲಿ ಸಾಮೂಹಿಕ ನಿಗಮ ಗೀತೆ ಹಾಡಿದರು. ಅಧಿಕಾರಿ ಎಸ್ ಶಿವಕುಮಾರ್ ಸ್ವಾಗತಿಸಿದರು. ಪ್ರತಿನಿಧಿ ಮಂಜುನಾಥ್ ಮುಗುದೂರ ಅತಿಥಿಗಳ ಪರಿಚಯಿಸಿದರು, ಆಡಳಿತ ಅಧಿಕಾರಿ ಮಧುಕರ್ ಗೌಡರ್ ಪ್ರಾಸ್ತಾವಿಕವಾಗಿ ಮಾತನಾಡಿದರು. ಸಹಾಯಕ ಶಾಖಾಧಿಕಾರಿ ಗುರುರಾಜ್ ಶೆಟ್ಟಿ ನಿರೂಪಿಸಿದರು. ಅಭಿವೃದ್ಧಿ ಅಧಿಕಾರಿ ಜೋಗೇಶ್ ಎಚ್.ಎನ್. ವಂದಿಸಿದರು.
ಪತ್ರಿಕಾ ವಿತರಕರ ದಿನಾಚರಣೆ ಕಾರ್ಯಕ್ರಮ
ಸಂದರ್ಭ ಬರಬಹುದು. ಮುಂದಿನ ಹತ್ತು ವರ್ಷಗಳ ನಂತರ ಮುದ್ರಣ ಮಾಧ್ಯಮಕ್ಕೆ ಹಿನ್ನಡೆಯಾಗಬಹುದ. ಈ ನಿಟ್ಟಿನಲ್ಲಿ ವಿತರಕರು ಹೊಸ ತಂತ್ರಜ್ಞಾನಕ್ಕೆ ಮೊರೆ ಹೋಗುವುದು ಅನಿವಾರ್ಯವಾಗಿದೆ ಎಂದರು. ಮಾಜಿ ಶಾಸಕ ಅರುಣಕುಮಾರ ಪೂಜಾರ ಮಾತನಾಡಿ, ಸಮಾಜದಲ್ಲಿ ಪತ್ರಿಕಾರಂಗವು ಇತರ ರಂಗಕ್ಕಿಂತಲೂ ಹೆಚ್ಚಾಗಿ ಮತ್ತು ಪರಿಣಾಮಕಾರಿಯಾಗಿ ಕಾರ್ಯನಿರ್ವಹಿಸುತ್ತಿದ್ದು, ಇದರ ಶ್ರೇಯಸ್ಸು ಪತ್ರಕರ್ತರಿಗೂ, ಸಂಪಾದಕರಿಗೂ ಹಾಗೂ ವಿತರಕರಿಗೂ ಸಲ್ಲುತ್ತದೆ. ಪತ್ರಿಕೆಯ ಓದುಗಾರರಿಗೆ ತಲುಪಿಸುವ ಕಾರ್ಯ ಮಾಡುವ ವಿತರಕರ ಕಾರ್ಯ ಮಳೆ, ಚಳಿ, ಎನ್ನದೆ ಪ್ರತಿನಿತ್ಯ ಸಾಗುತ್ತಿದೆ. ಈ ನಿಟ್ಟಿನಲ್ಲಿ ಅವರನ್ನು ಗುರುತಿಸುವ ಕೆಲಸ ಸರ್ಕಾರಗಳು ಮಾಡಬೇಕು ಎಂದರು. ಸಂಘದ ಜಿಲ್ಲಾಧ್ಯಕ್ಷ ಸಂಕಪ್ಪ ಮಾರನಾಳ, ತಾಲೂಕು ಅಧ್ಯಕ್ಷ ಪರಶುರಾಮ ಕಾಳೇರ, ಕಾರ್ಯದರ್ಶಿ ಮಂಜುನಾಥ ಹೊಸಕೇರಿ, ಪತ್ರಕರ್ತರ ಸಂಘದ ಪದಾಧಿಕಾರಿಗಳು, ವಿತರಕರು ಸೇರಿದಂತೆ ಮತ್ತಿತರರು ಇದ್ದರು.
ಹಾಸ್ಟೆಲ್ ವಿದ್ಯಾರ್ಥಿಗಳ ವಿವಿಧ ಬೇಡಿಕೆಗಾಗಿ ಆಗ್ರಹಿಸಿ
ಹಾವೇರಿಯಲ್ಲಿ ರಾಜ್ಯ ಮಟ್ಟದ ಸಮಾವೇಶ
ಮಾತನಾಡಿದ ಅವರು, 4-5 ಅಕ್ಟೋಬರ್ 2025 ಎರಡು ದಿನಗಳ ಕಾಲ ನಡೆಯುವ ಸಮಾವೇಶದಲ್ಲಿ ರಾಜ್ಯದಲ್ಲಿರುವ ಹಾಸ್ಟೆಲ್ ವಿದ್ಯಾರ್ಥಿಗಳ ಸಮಸ್ಯೆಗಳನ್ನು, ಮೂಲಸೌಕರ್ಯಗಳ ಕುರಿತು ಚರ್ಚಿಸಲಾಗುವದು. ಈಗಾಗಲೇ ರಾಜ್ಯದಲ್ಲಿರುವ ಎಸ್ಸಿ 3.5ಲಕ್ಷ ವಿದ್ಯಾರ್ಥಿಗಳು ಪೈಕಿ 2400 ವಸತಿ ನಿಲಯಗಳು, ಎಸ್ಟಿ 1.5ಲಕ್ಷ ವಿದ್ಯಾರ್ಥಿಗಳು ಪೈಕಿ 1200 ವಸತಿ ನಿಲಯಗಳು, ಬಿಸಿಎ 2.5 ವಿದ್ಯಾರ್ಥಿಗಳು ಪೈಕಿ 2500 ನಿಲಯಗಳು ಒಟ್ಟು 7.5 ವಿದ್ಯಾರ್ಥಿಗಳು ಮತ್ತು 6000ಕ್ಕೂ ಅಧಿಕ ವಸತಿ ನಿಲಯಗಳಿವೆ. ಎಸ್‌ಎಫ್‌ಐ ಹೋರಾಟದ ಫಲವಾಗಿ ಹಾಸ್ಟೆಲ್ ವಿದ್ಯಾರ್ಥಿಗಳ ಸಮಸ್ಯೆಗಳ ಬಗ್ಗೆ ಧ್ವನಿ ಎತ್ತಲಾಗಿದೆ. ಸಮಾವೇಶದಲ್ಲಿ ಎಸ್‌ಎಫ್‌ಐ ಜಿಲ್ಲಾ ಸಮಿತಿಯ ಮಾಲತೇಶ್ ಹೋಳಿಯಪ್ಪನವರ, ಗಂಗಾ ಲಮಾಣಿ, ಪ್ರವೀಣ ಬಡಿಗೇರ, ಕೊರವರ, ಸತೀಶ್ ನಾಗವತ್, ಪವನ್ ಪೂಜಾರ, ಪ್ರವೀಣ್ ಜಗ್ಲಿಕೊಪ್ಪ, ಹೇಮಂತ್ ರಣಸೋತ್, ಮಾಲತೇಶ್ ಹೋಳಿಯಪ್ಪನವರು ಉಪಸ್ಥಿತರಿದ್ದರು.
ಸೇನೆಯಿಂದ ನಿವೃತ್ತಿ: ಸೈನಿಕನಿಗೆ ಅದ್ದೂರಿ ಸ್ವಾಗತ
ಸನ್ಮಾನಿಸಿ ಗೌರವಿಸಿದರು.ನಂತರ ಶ್ರೀ ಹುಕ್ಕೇರಿಮಠಕ್ಕೆ ಆಗಮಿಸಿ ಶ್ರೀಮಠದ ಆರ್ಶಿವಾದ ಪಡೆದು ಕರ್ಜಗಿ ಗ್ರಾಮಕ್ಕೆ ಜಾಥಾ ತಲುಪಿ,ಅಲ್ಲಿ ದೇಶ ಪ್ರೇಮಿಗಳು ಗೌರವಿಸಿ ಸನ್ಮಾನಿಸಿದರು. ನಂತರ ಸ್ವಗ್ರಾಮ ಹಿರೇಮುಗದೂರಿನಲ್ಲಿ ಮೆರವಣಿಗೆ ಹಾಗೂ ಗೌರವ ಸನ್ಮಾನ ಕಾರ್ಯಕ್ರಮ ಜರುಗಿತು. ಪ್ರವಾಸಿ ಮಂದಿರದಲ್ಲಿ ಗೌರವ ಸನ್ಮಾನ ಸ್ವೀಕರಿಸಿ ಮಾತನಾಡಿದ ನಿವೃತ್ತ ಸೈನಿಕ ಹೇಮರೆಡ್ಡಿ ಮಾಲಿ ತಾವು ಸೈನಿಕರಾಗಿ ಸೇರಿ ಅಧಿಕಾರಿಯಾಗಿ ನಿವೃತ್ತರಾಗಿದ್ದಕ್ಕೆ ಹೆಮ್ಮೆ ವ್ಯಕ್ತಪಡಿಸಿದರು.ಸಿಯಾಚಿನ್ ಸೇರಿದಂತೆ ಇಕ್ಕಟ್ಟಾದ ಸದಾ ಯುದ್ಧ ನಡೆಯುತ್ತಿರುವ ಸ್ಥಳಗಳಲ್ಲಿ ಸೇವೆ ಸಲ್ಲಿಸಿದ್ದು,ನನ್ನ ಭಾಗ್ಯ.ಪ್ರತಿಯೊಬ್ಬ ಯುವಕನೂ ಸೈನಿಕನಾಗಬೇಕು.ದೇಶಕ್ಕಾಗಿ ಸೇವೆ ಸಲ್ಲಿಸುವ ಅವಕಾಶ ಎಲ್ಲರಿಗೂ ಸಿಗುವುದಿಲ್ಲ.ನಾನು ಸೇನೆಯಲ್ಲಿದ್ದಾಗ ನನ್ನ ಕುಟುಂಬ ನನಗೆ ಬೆಂಬಲವಾಗಿ ನಿಂತಿತು ಎಂದು ಹೇಳಿದರು. ಈ ಸಂದರ್ಭದಲ್ಲಿ ಗ್ರಾಮದ ಹಿರಿಯರು, ಮಾಜಿ ಸೈನಿಕರು ಹಾಗೂ ದೇಶಪ್ರೇಮಿಗಳು ಪಾಲ್ಗೊಂಡಿದ್ದರು.
ಹಾಸಿಲಕರಗೆ ಅತ್ಯುತ್ತಮ ಶಿಕ್ಷಕಿ ಪ್ರಶಸ್ತಿ ಪ್ರದಾನ
ಶ್ಲಾಘನೀಯ ಅಂದರು. ಮತ್ತೋರ್ವ ಮೇಲ್ವಿಚಾರಕಿ ಲಲಿತಾ ಆನವಟ್ಟಿ ಎಳೆ ಮಕ್ಕಳನ್ನು ಪ್ರಬುದ್ಧ ನಾಗರಿಕ ಸಮಾಜದ ಬೆಳೆಯಾಗಿಸುವ ಅಂಗನವಾಡಿ ಕಾರ್ಯಕರ್ತೆಯರು ಸಮಾಜದ ಸಮರ್ಪಣೆಯ ಸೇವೆ ಎಲ್ಲರೂ ಸ್ಮರಿಸುವಂತಾದದ್ದು ಎಂದರು. ಹಾಸಿಲಕರ ಅವರ ಸೇವೆಯನ್ನು ಗುರುತಿಸಿ ಅತ್ಯುತ್ತಮ ಶಿಕ್ಷಕಿ ಪ್ರಶಸ್ತಿ ನೀಡಿ ಗೌರವಿಸಲಾಯಿತು. ಕಾರ್ಯಕ್ರಮದಲ್ಲಿ ಸಿಡಿಪಿಒ ಹಾಗೂ ಮೇಲ್ವಿಚಾರಕಿಯರು, ಅಂಗನವಾಡಿ ಕಾರ್ಯಕರ್ತೆಯರು ಮತ್ತು ಸಹಾಯಕಿಯರು ಉಪಸ್ಥಿತರಿದ್ದರು. ನಡುವಿನಮಠ ನಿರೂಪಿಸಿದರು, ಮಾನಸಾ ವಂದಿಸಿದರು.
ಇಂದಿನ ಮಕ್ಕಳು ಕ್ರಿಯಾಶೀಲ ವ್ಯಕ್ತಿತ್ವ ಹೊಂದಿದ್ದಾರೆ: ಗೌಜಿಗೌಡ್ರ
ಕಷ್ಟದಲ್ಲಿರುವವರಿಗೆ ಹೇಗೆ ಸಹಾಯ ಮಾಡಬೇಕು. ದೇಶಕಟ್ಟುವಲ್ಲಿ ಅವರನ್ನು ತೊಡಗಿಕೊಳ್ಳುವಂತೆ ಮಾಡುವಲ್ಲಿ ಶಿಕ್ಷಕರ ಪಾತ್ರ ಪ್ರಮುಖವಾಗಿದೆ ಎಂದರು. ನಗರಸಭೆ ಅಧ್ಯಕ್ಷೆ ಶಶಿಕಲಾ ಮಾಳಗಿ ಅಧ್ಯಕ್ಷತೆ ವಹಿಸಿದ್ದರು. ಜಿಲ್ಲಾ ಶಿಕ್ಷಣಾಧಿಕಾರಿಗಳು, ಗ್ಯಾರಂಟಿ ಯೋಜನಾ ಪ್ರಾಧಿಕಾರದ ಅಧ್ಯಕ್ಷ ಎಂ.ಎಂ.ಹಿರೇಮಠ, ನಗರಸಭೆ ಉಪಾಧ್ಯಕ್ಷ ಮಲ್ಲಿಕಾರ್ಜುನ ಸಾತೇನಹಳ್ಳಿ, ನಗರಸಭೆ ಸದಸ್ಯರಾದ ಸಂಜೀವಕುಮಾರ ನೀರಲಗಿ, ಡಿಡಿಪಿಐ ಎಂ.ಎಚ್. ಪಾಟೀಲ, ಸರ್ಕಾರಿ ನೌಕರರ ಸಂಘದ ಅಧ್ಯಕ್ಷ ಮಲ್ಲೇಶ ಕರಿಗಾರ, ಶಿಕ್ಷಕರು ಹಾಗೂ ವಿದ್ಯಾರ್ಥಿಗಳು ಉಪಸ್ಥಿತರಿದ್ದರು.
